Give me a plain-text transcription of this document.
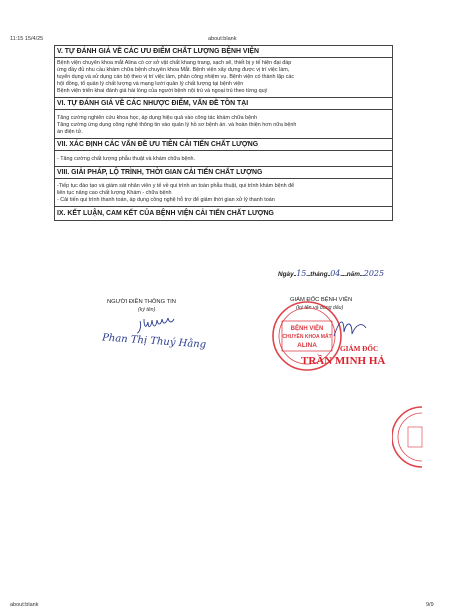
11:15 15/4/25	about:blank
V. TỰ ĐÁNH GIÁ VỀ CÁC ƯU ĐIỂM CHẤT LƯỢNG BỆNH VIỆN
Bệnh viện chuyên khoa mắt Alina có cơ sở vật chất khang trang, sạch sẽ, thiết bị y tế hiện đại đáp
ứng đầy đủ nhu cầu khám chữa bệnh chuyên khoa Mắt. Bệnh viện xây dựng được vị trí việc làm,
tuyển dụng và sử dụng cán bộ theo vị trí việc làm, phân công nhiệm vụ. Bệnh viện có thành lập các
hội đồng, tổ quản lý chất lượng và mạng lưới quản lý chất lượng tại bệnh viện
Bệnh viện triển khai đánh giá hài lòng của người bệnh nội trú và ngoại trú theo từng quý
VI. TỰ ĐÁNH GIÁ VỀ CÁC NHƯỢC ĐIỂM, VẤN ĐỀ TỒN TẠI
Tăng cường nghiên cứu khoa học, áp dụng hiệu quả vào công tác khám chữa bệnh
Tăng cường ứng dụng công nghệ thông tin vào quản lý hồ sơ bệnh án. và hoàn thiện hơn nữa bệnh
án điện tử.
VII. XÁC ĐỊNH CÁC VẤN ĐỀ ƯU TIÊN CẢI TIẾN CHẤT LƯỢNG
- Tăng cường chất lượng phẫu thuật và khám chữa bệnh.
VIII. GIẢI PHÁP, LỘ TRÌNH, THỜI GIAN CẢI TIẾN CHẤT LƯỢNG
-Tiếp tục đào tạo và giám sát nhân viên y tế về qui trình an toàn phẫu thuật, qui trình khám bệnh để
liên tục nâng cao chất lượng Khám - chữa bệnh
- Cải tiến qui trình thanh toán, áp dụng công nghệ hỗ trợ để giảm thời gian xử lý thanh toán
IX. KẾT LUẬN, CAM KẾT CỦA BỆNH VIỆN CẢI TIẾN CHẤT LƯỢNG
Ngày..15...tháng..04.....năm...2025
NGƯỜI ĐIỀN THÔNG TIN
(ký tên)
Phan Thị Thuý Hằng
GIÁM ĐỐC BỆNH VIỆN
(ký tên và đóng dấu)
BỆNH VIỆN
CHUYÊN KHOA MẮT
ALINA	GIÁM ĐỐC
TRẦN MINH HẢ
about:blank	9/9
